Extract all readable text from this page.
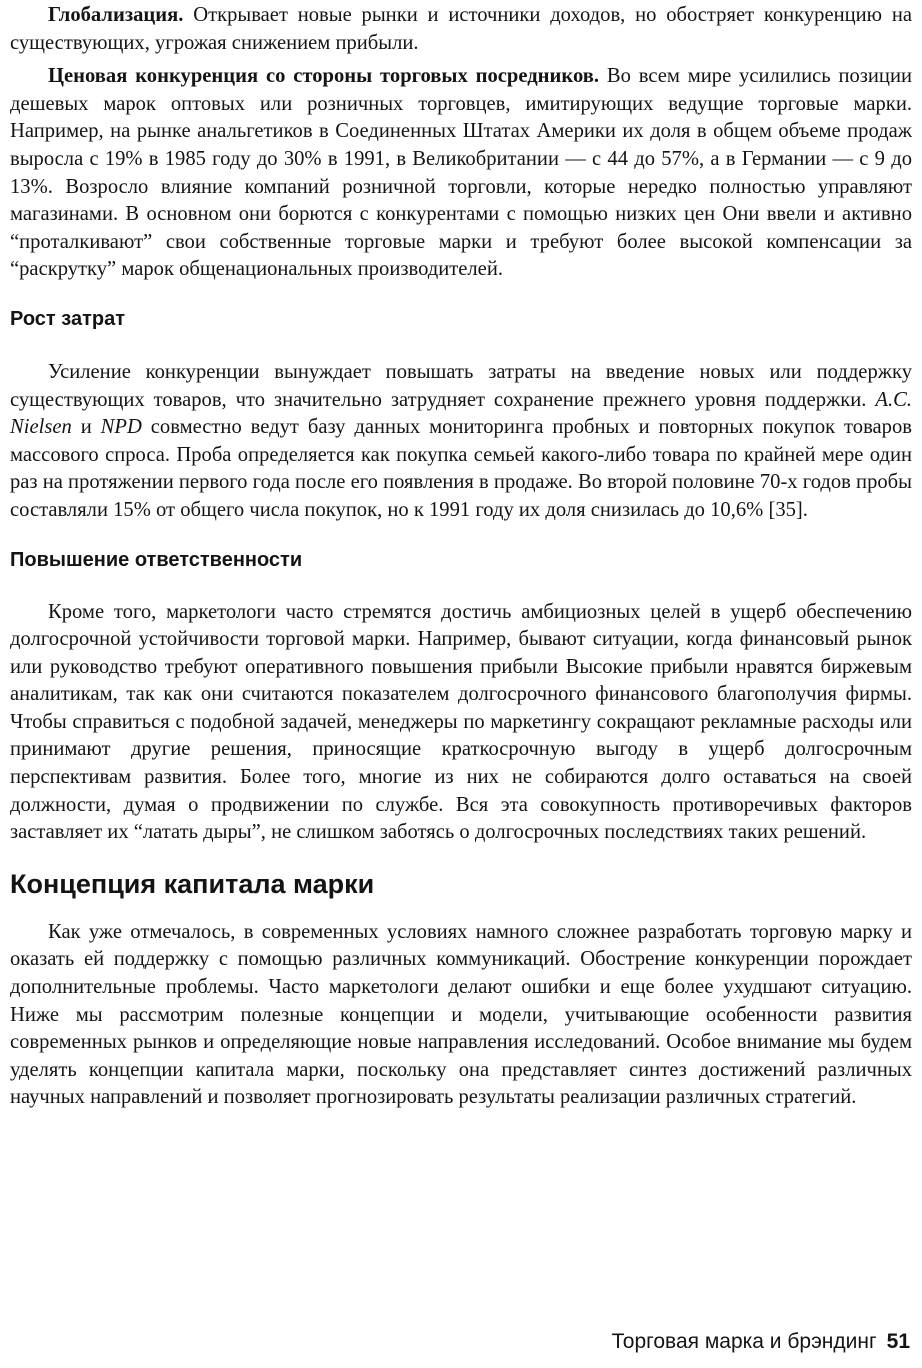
Глобализация. Открывает новые рынки и источники доходов, но обостряет конкуренцию на существующих, угрожая снижением прибыли.

Ценовая конкуренция со стороны торговых посредников. Во всем мире усилились позиции дешевых марок оптовых или розничных торговцев, имитирующих ведущие торговые марки. Например, на рынке анальгетиков в Соединенных Штатах Америки их доля в общем объеме продаж выросла с 19% в 1985 году до 30% в 1991, в Великобритании — с 44 до 57%, а в Германии — с 9 до 13%. Возросло влияние компаний розничной торговли, которые нередко полностью управляют магазинами. В основном они борются с конкурентами с помощью низких цен Они ввели и активно “проталкивают” свои собственные торговые марки и требуют более высокой компенсации за “раскрутку” марок общенациональных производителей.

Рост затрат

Усиление конкуренции вынуждает повышать затраты на введение новых или поддержку существующих товаров, что значительно затрудняет сохранение прежнего уровня поддержки. A.C. Nielsen и NPD совместно ведут базу данных мониторинга пробных и повторных покупок товаров массового спроса. Проба определяется как покупка семьей какого-либо товара по крайней мере один раз на протяжении первого года после его появления в продаже. Во второй половине 70-х годов пробы составляли 15% от общего числа покупок, но к 1991 году их доля снизилась до 10,6% [35].

Повышение ответственности

Кроме того, маркетологи часто стремятся достичь амбициозных целей в ущерб обеспечению долгосрочной устойчивости торговой марки. Например, бывают ситуации, когда финансовый рынок или руководство требуют оперативного повышения прибыли Высокие прибыли нравятся биржевым аналитикам, так как они считаются показателем долгосрочного финансового благополучия фирмы. Чтобы справиться с подобной задачей, менеджеры по маркетингу сокращают рекламные расходы или принимают другие решения, приносящие краткосрочную выгоду в ущерб долгосрочным перспективам развития. Более того, многие из них не собираются долго оставаться на своей должности, думая о продвижении по службе. Вся эта совокупность противоречивых факторов заставляет их “латать дыры”, не слишком заботясь о долгосрочных последствиях таких решений.

Концепция капитала марки

Как уже отмечалось, в современных условиях намного сложнее разработать торговую марку и оказать ей поддержку с помощью различных коммуникаций. Обострение конкуренции порождает дополнительные проблемы. Часто маркетологи делают ошибки и еще более ухудшают ситуацию. Ниже мы рассмотрим полезные концепции и модели, учитывающие особенности развития современных рынков и определяющие новые направления исследований. Особое внимание мы будем уделять концепции капитала марки, поскольку она представляет синтез достижений различных научных направлений и позволяет прогнозировать результаты реализации различных стратегий.

Торговая марка и брэндинг 51
